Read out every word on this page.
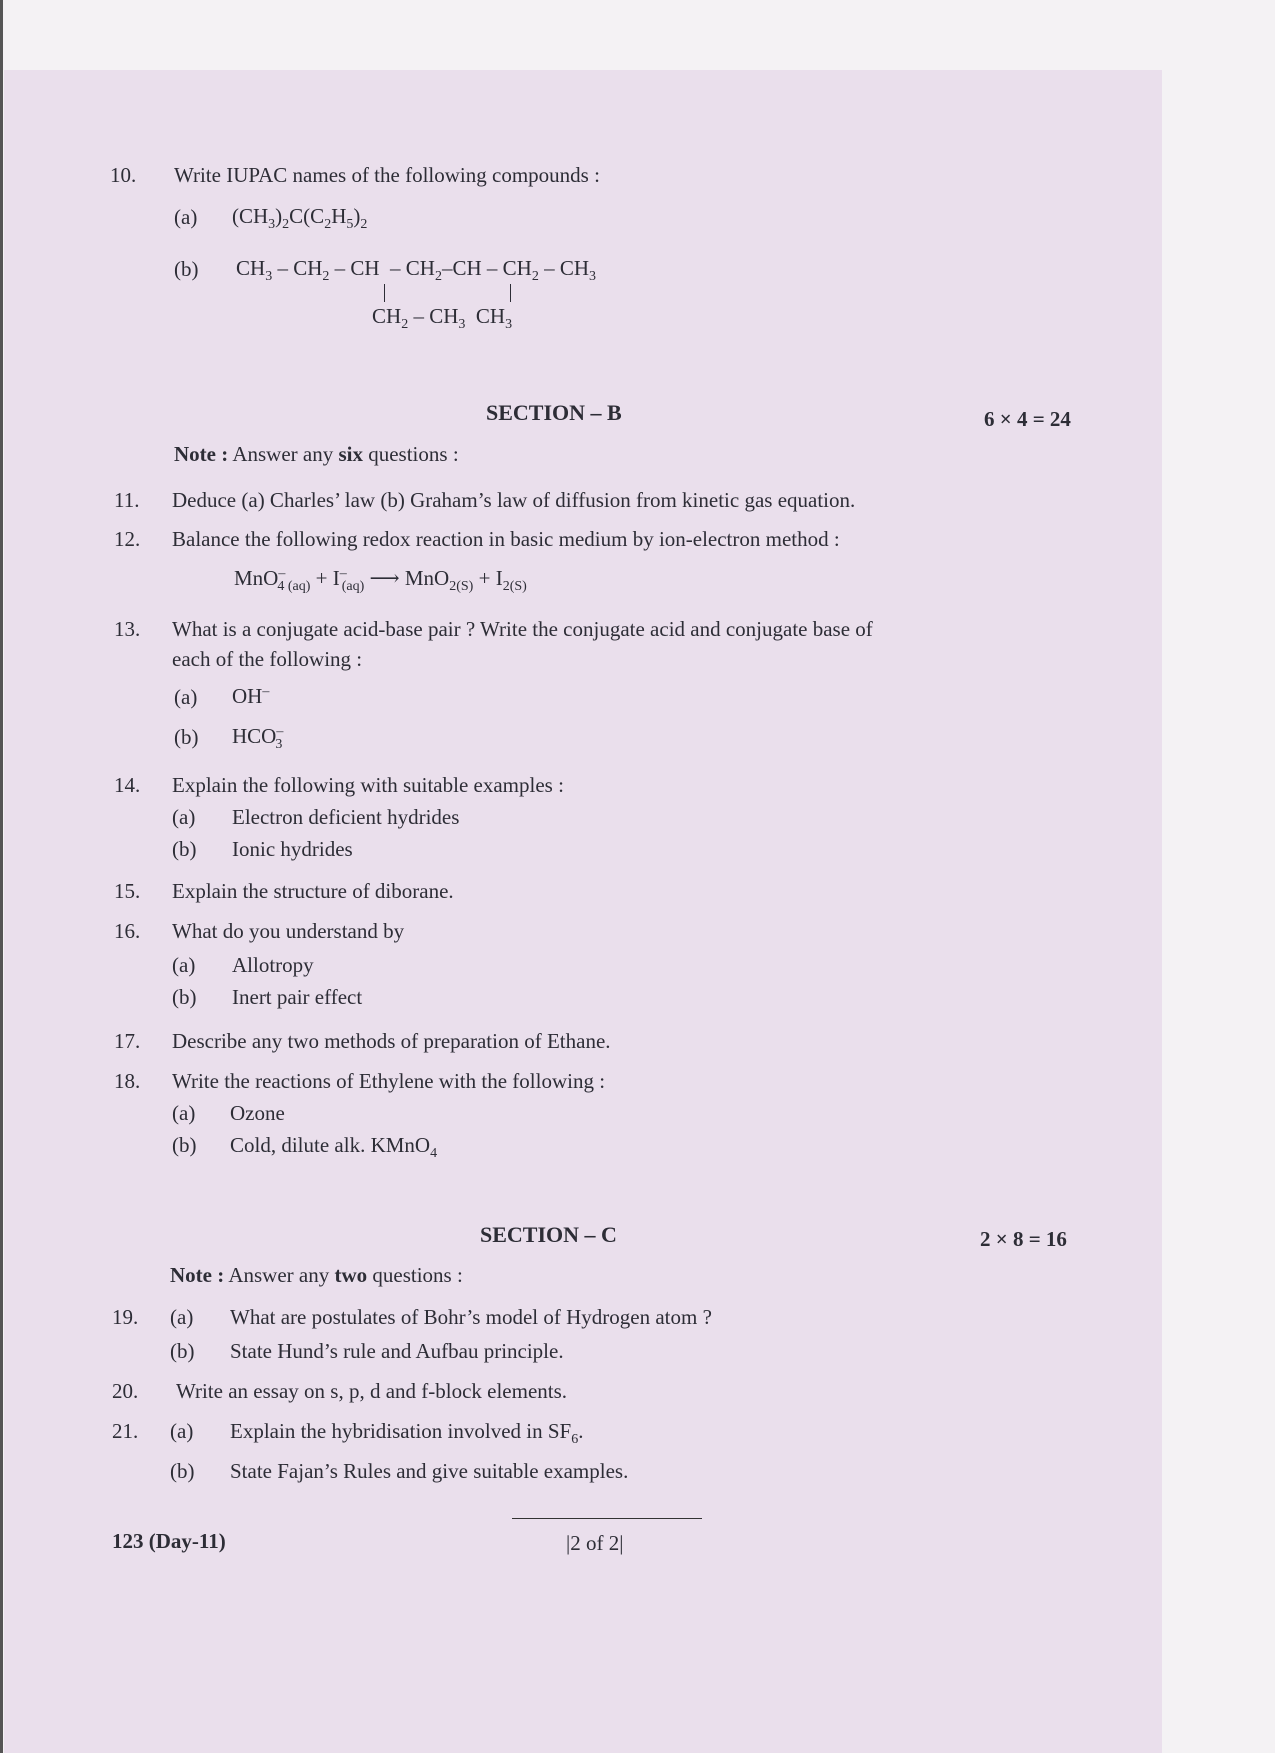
10. Write IUPAC names of the following compounds :
(a) $(CH_3)_2C(C_2H_5)_2$
(b) $CH_3 - CH_2$ – CH  – $CH_2-CH - CH_2 - CH_3$
$CH_2 - CH_3$  $CH_3$
SECTION – B	6 × 4 = 24
Note : Answer any six questions :
11. Deduce (a) Charles’ law (b) Graham’s law of diffusion from kinetic gas equation.
12. Balance the following redox reaction in basic medium by ion-electron method :
$MnO^-_{4 (aq)} + I^-_{(aq)}$ ⟶ $MnO_{2(S)} + I_{2(S)}$
13. What is a conjugate acid-base pair ? Write the conjugate acid and conjugate base of
each of the following :
(a) OH–
(b) $HCO^-_3$
14. Explain the following with suitable examples :
(a) Electron deficient hydrides
(b) Ionic hydrides
15. Explain the structure of diborane.
16. What do you understand by
(a) Allotropy
(b) Inert pair effect
17. Describe any two methods of preparation of Ethane.
18. Write the reactions of Ethylene with the following :
(a) Ozone
(b) Cold, dilute alk. KMnO$_4$
SECTION – C	2 × 8 = 16
Note : Answer any two questions :
19. (a) What are postulates of Bohr’s model of Hydrogen atom ?
(b) State Hund’s rule and Aufbau principle.
20. Write an essay on s, p, d and f-block elements.
21. (a) Explain the hybridisation involved in $SF_6$.
(b) State Fajan’s Rules and give suitable examples.
123 (Day-11)	|2 of 2|
